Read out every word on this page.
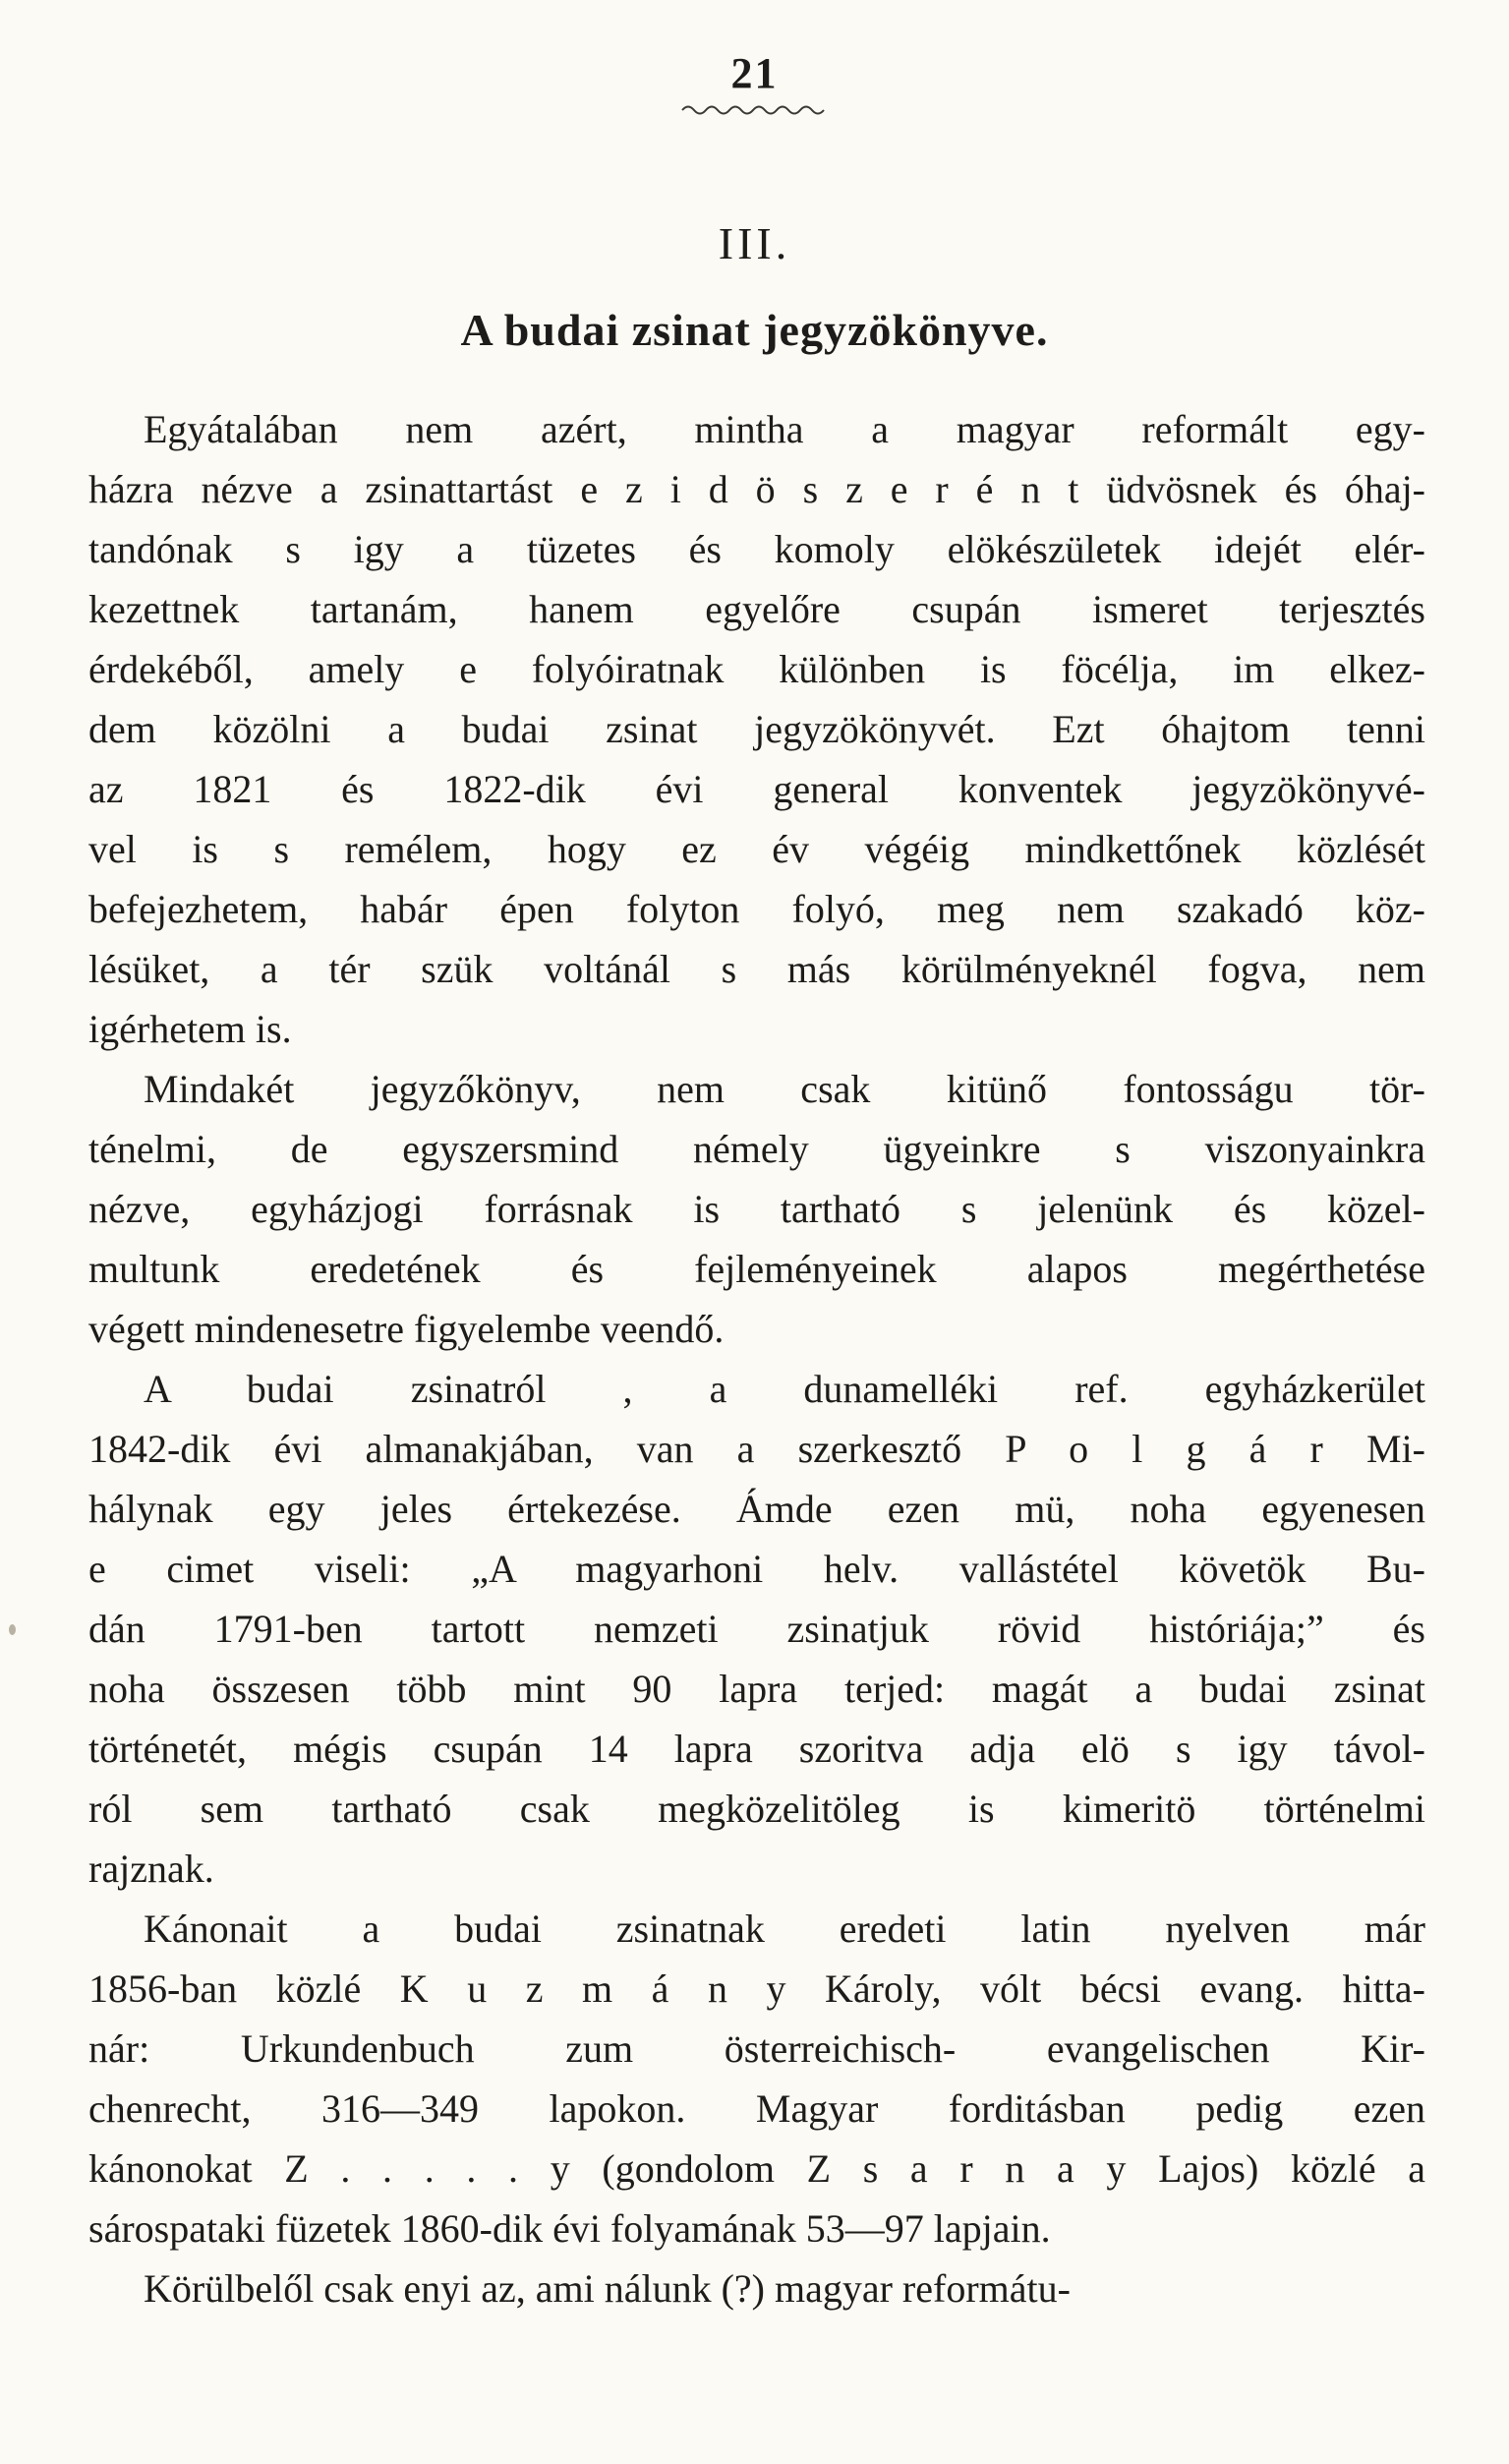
21
III.
A budai zsinat jegyzökönyve.

Egyátalában nem azért, mintha a magyar reformált egy-
házra nézve a zsinattartást e z i d ö s z e r é n t üdvösnek és óhaj-
tandónak s igy a tüzetes és komoly elökészületek idejét elér-
kezettnek tartanám, hanem egyelőre csupán ismeret terjesztés
érdekéből, amely e folyóiratnak különben is föcélja, im elkez-
dem közölni a budai zsinat jegyzökönyvét. Ezt óhajtom tenni
az 1821 és 1822-dik évi general konventek jegyzökönyvé-
vel is s remélem, hogy ez év végéig mindkettőnek közlését
befejezhetem, habár épen folyton folyó, meg nem szakadó köz-
lésüket, a tér szük voltánál s más körülményeknél fogva, nem
igérhetem is.

Mindakét jegyzőkönyv, nem csak kitünő fontosságu tör-
ténelmi, de egyszersmind némely ügyeinkre s viszonyainkra
nézve, egyházjogi forrásnak is tartható s jelenünk és közel-
multunk eredetének és fejleményeinek alapos megérthetése
végett mindenesetre figyelembe veendő.

A budai zsinatról , a dunamelléki ref. egyházkerület
1842-dik évi almanakjában, van a szerkesztő P o l g á r Mi-
hálynak egy jeles értekezése. Ámde ezen mü, noha egyenesen
e cimet viseli: „A magyarhoni helv. vallástétel követök Bu-
dán 1791-ben tartott nemzeti zsinatjuk rövid históriája;” és
noha összesen több mint 90 lapra terjed: magát a budai zsinat
történetét, mégis csupán 14 lapra szoritva adja elö s igy távol-
ról sem tartható csak megközelitöleg is kimeritö történelmi
rajznak.

Kánonait a budai zsinatnak eredeti latin nyelven már
1856-ban közlé K u z m á n y Károly, vólt bécsi evang. hitta-
nár: Urkundenbuch zum österreichisch- evangelischen Kir-
chenrecht, 316—349 lapokon. Magyar forditásban pedig ezen
kánonokat Z . . . . . y (gondolom Z s a r n a y Lajos) közlé a
sárospataki füzetek 1860-dik évi folyamának 53—97 lapjain.

Körülbelől csak enyi az, ami nálunk (?) magyar reformátu-
